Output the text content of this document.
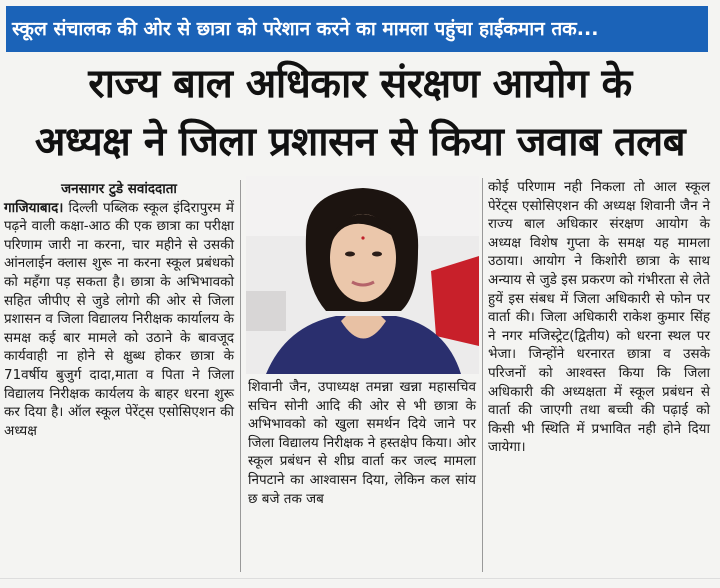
स्कूल संचालक की ओर से छात्रा को परेशान करने का मामला पहुंचा हाईकमान तक...
राज्य बाल अधिकार संरक्षण आयोग के
अध्यक्ष ने जिला प्रशासन से किया जवाब तलब
जनसागर टुडे सवांददाता
गाजियाबाद। दिल्ली पब्लिक स्कूल इंदिरापुरम में पढ़ने वाली कक्षा-आठ की एक छात्रा का परीक्षा परिणाम जारी ना करना, चार महीने से उसकी आंनलाईन क्लास शुरू ना करना स्कूल प्रबंधको को महँगा पड़ सकता है। छात्रा के अभिभावको सहित जीपीए से जुडे लोगो की ओर से जिला प्रशासन व जिला विद्यालय निरीक्षक कार्यालय के समक्ष कई बार मामले को उठाने के बावजूद कार्यवाही ना होने से क्षुब्ध होकर छात्रा के 71वर्षीय बुजुर्ग दादा,माता व पिता ने जिला विद्यालय निरीक्षक कार्यलय के बाहर धरना शुरू कर दिया है। ऑल स्कूल पेरेंट्स एसोसिएशन की अध्यक्ष
शिवानी जैन, उपाध्यक्ष तमन्ना खन्ना महासचिव सचिन सोनी आदि की ओर से भी छात्रा के अभिभावको को खुला समर्थन दिये जाने पर जिला विद्यालय निरीक्षक ने हस्तक्षेप किया। ओर स्कूल प्रबंधन से शीघ्र वार्ता कर जल्द मामला निपटाने का आश्वासन दिया, लेकिन कल सांय छ बजे तक जब
कोई परिणाम नही निकला तो आल स्कूल पेरेंट्स एसोसिएशन की अध्यक्ष शिवानी जैन ने राज्य बाल अधिकार संरक्षण आयोग के अध्यक्ष विशेष गुप्ता के समक्ष यह मामला उठाया। आयोग ने किशोरी छात्रा के साथ अन्याय से जुडे इस प्रकरण को गंभीरता से लेते हुयें इस संबध में जिला अधिकारी से फोन पर वार्ता की। जिला अधिकारी राकेश कुमार सिंह ने नगर मजिस्ट्रेट(द्वितीय) को धरना स्थल पर भेजा। जिन्होंने धरनारत छात्रा व उसके परिजनों को आश्वस्त किया कि जिला अधिकारी की अध्यक्षता में स्कूल प्रबंधन से वार्ता की जाएगी तथा बच्ची की पढ़ाई को किसी भी स्थिति में प्रभावित नही होने दिया जायेगा।
